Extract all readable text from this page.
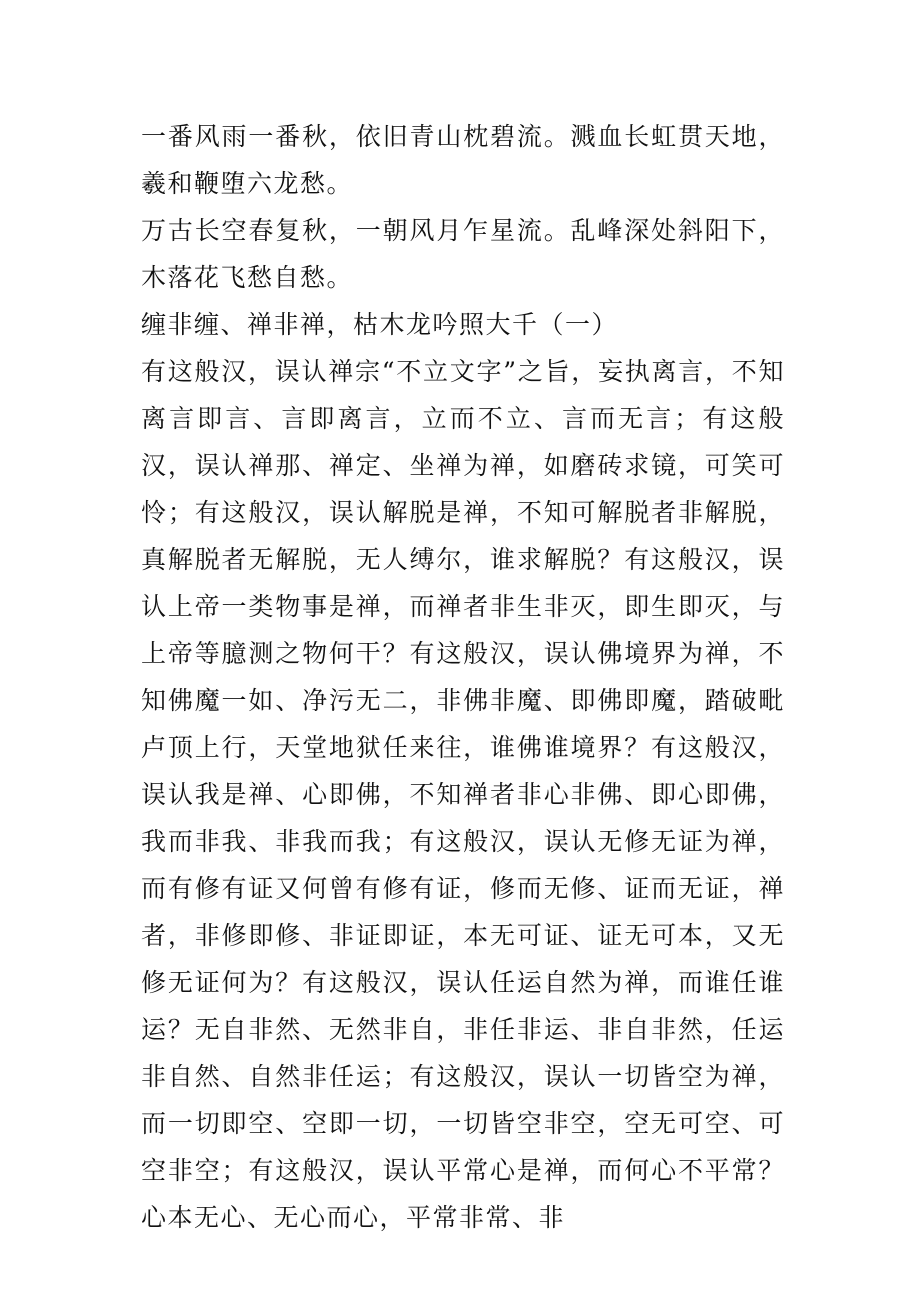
一番风雨一番秋，依旧青山枕碧流。溅血长虹贯天地，羲和鞭堕六龙愁。

万古长空春复秋，一朝风月乍星流。乱峰深处斜阳下，木落花飞愁自愁。

缠非缠、禅非禅，枯木龙吟照大千（一）

有这般汉，误认禅宗“不立文字”之旨，妄执离言，不知离言即言、言即离言，立而不立、言而无言；有这般汉，误认禅那、禅定、坐禅为禅，如磨砖求镜，可笑可怜；有这般汉，误认解脱是禅，不知可解脱者非解脱，真解脱者无解脱，无人缚尔，谁求解脱？有这般汉，误认上帝一类物事是禅，而禅者非生非灭，即生即灭，与上帝等臆测之物何干？有这般汉，误认佛境界为禅，不知佛魔一如、净污无二，非佛非魔、即佛即魔，踏破毗卢顶上行，天堂地狱任来往，谁佛谁境界？有这般汉，误认我是禅、心即佛，不知禅者非心非佛、即心即佛，我而非我、非我而我；有这般汉，误认无修无证为禅，而有修有证又何曾有修有证，修而无修、证而无证，禅者，非修即修、非证即证，本无可证、证无可本，又无修无证何为？有这般汉，误认任运自然为禅，而谁任谁运？无自非然、无然非自，非任非运、非自非然，任运非自然、自然非任运；有这般汉，误认一切皆空为禅，而一切即空、空即一切，一切皆空非空，空无可空、可空非空；有这般汉，误认平常心是禅，而何心不平常？心本无心、无心而心，平常非常、非
